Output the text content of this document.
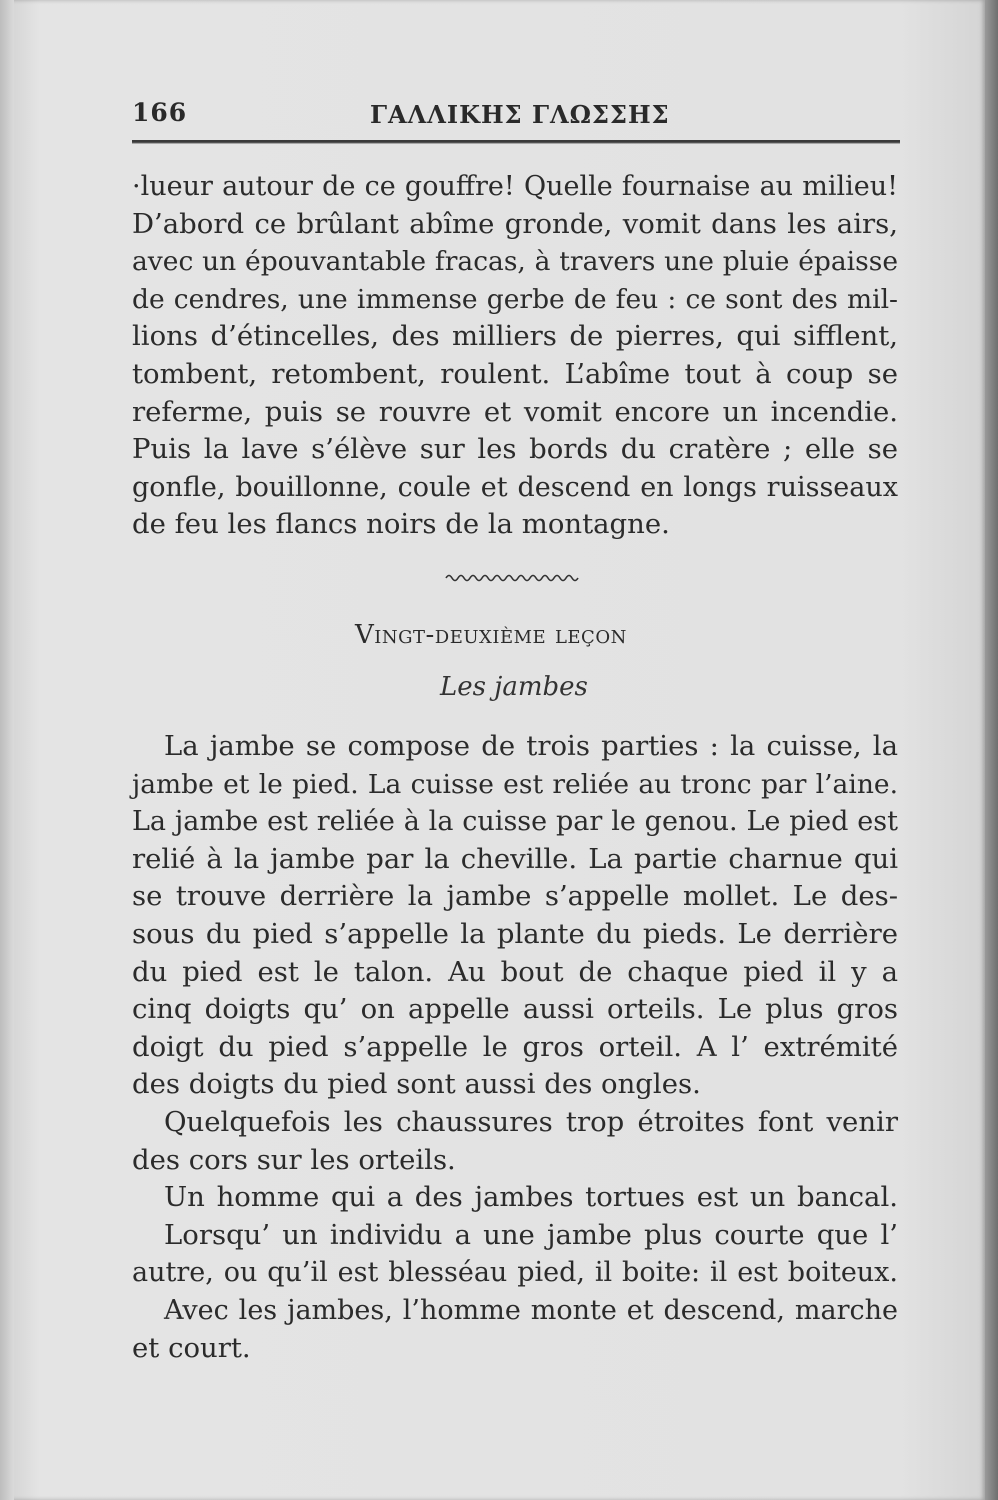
166	ΓΑΛΛΙΚΗΣ ΓΛΩΣΣΗΣ
·lueur autour de ce gouffre! Quelle fournaise au milieu!
D’abord ce brûlant abîme gronde, vomit dans les airs,
avec un épouvantable fracas, à travers une pluie épaisse
de cendres, une immense gerbe de feu : ce sont des mil-
lions d’étincelles, des milliers de pierres, qui sifflent,
tombent, retombent, roulent. L’abîme tout à coup se
referme, puis se rouvre et vomit encore un incendie.
Puis la lave s’élève sur les bords du cratère ; elle se
gonfle, bouillonne, coule et descend en longs ruisseaux
de feu les flancs noirs de la montagne.
Vingt-deuxième leçon
Les jambes
La jambe se compose de trois parties : la cuisse, la
jambe et le pied. La cuisse est reliée au tronc par l’aine.
La jambe est reliée à la cuisse par le genou. Le pied est
relié à la jambe par la cheville. La partie charnue qui
se trouve derrière la jambe s’appelle mollet. Le des-
sous du pied s’appelle la plante du pieds. Le derrière
du pied est le talon. Au bout de chaque pied il y a
cinq doigts qu’ on appelle aussi orteils. Le plus gros
doigt du pied s’appelle le gros orteil. A l’ extrémité
des doigts du pied sont aussi des ongles.
Quelquefois les chaussures trop étroites font venir
des cors sur les orteils.
Un homme qui a des jambes tortues est un bancal.
Lorsqu’ un individu a une jambe plus courte que l’
autre, ou qu’il est blesséau pied, il boite: il est boiteux.
Avec les jambes, l’homme monte et descend, marche
et court.
